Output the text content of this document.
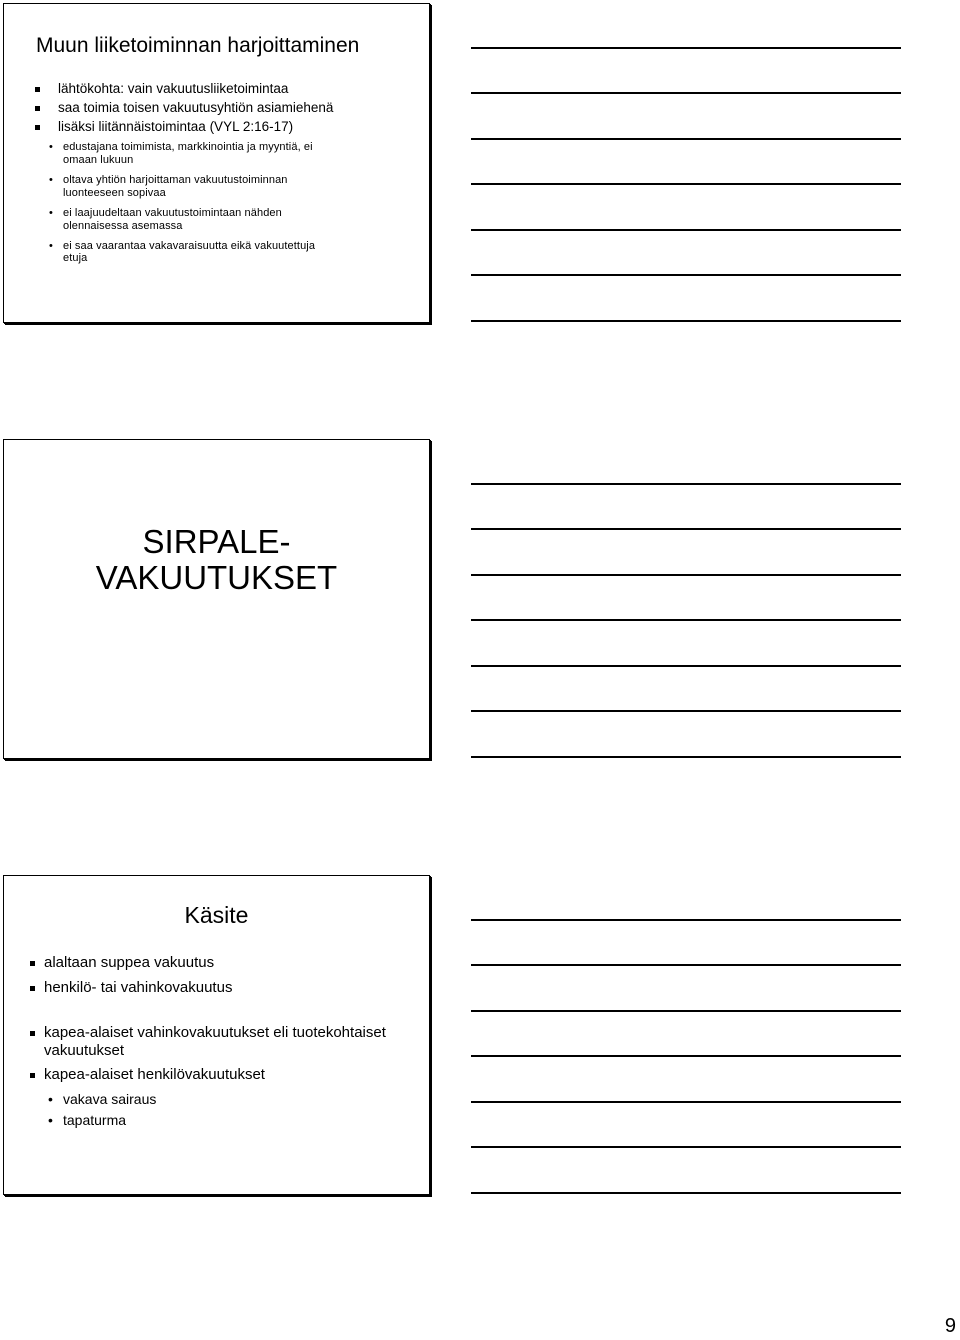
Muun liiketoiminnan harjoittaminen
lähtökohta: vain vakuutusliiketoimintaa
saa toimia toisen vakuutusyhtiön asiamiehenä
lisäksi liitännäistoimintaa (VYL 2:16-17)
• edustajana toimimista, markkinointia ja myyntiä, ei
omaan lukuun
• oltava yhtiön harjoittaman vakuutustoiminnan
luonteeseen sopivaa
• ei laajuudeltaan vakuutustoimintaan nähden
olennaisessa asemassa
• ei saa vaarantaa vakavaraisuutta eikä vakuutettuja
etuja
SIRPALE-
VAKUUTUKSET
Käsite
alaltaan suppea vakuutus
henkilö- tai vahinkovakuutus
kapea-alaiset vahinkovakuutukset eli tuotekohtaiset vakuutukset
kapea-alaiset henkilövakuutukset
• vakava sairaus
• tapaturma
9
